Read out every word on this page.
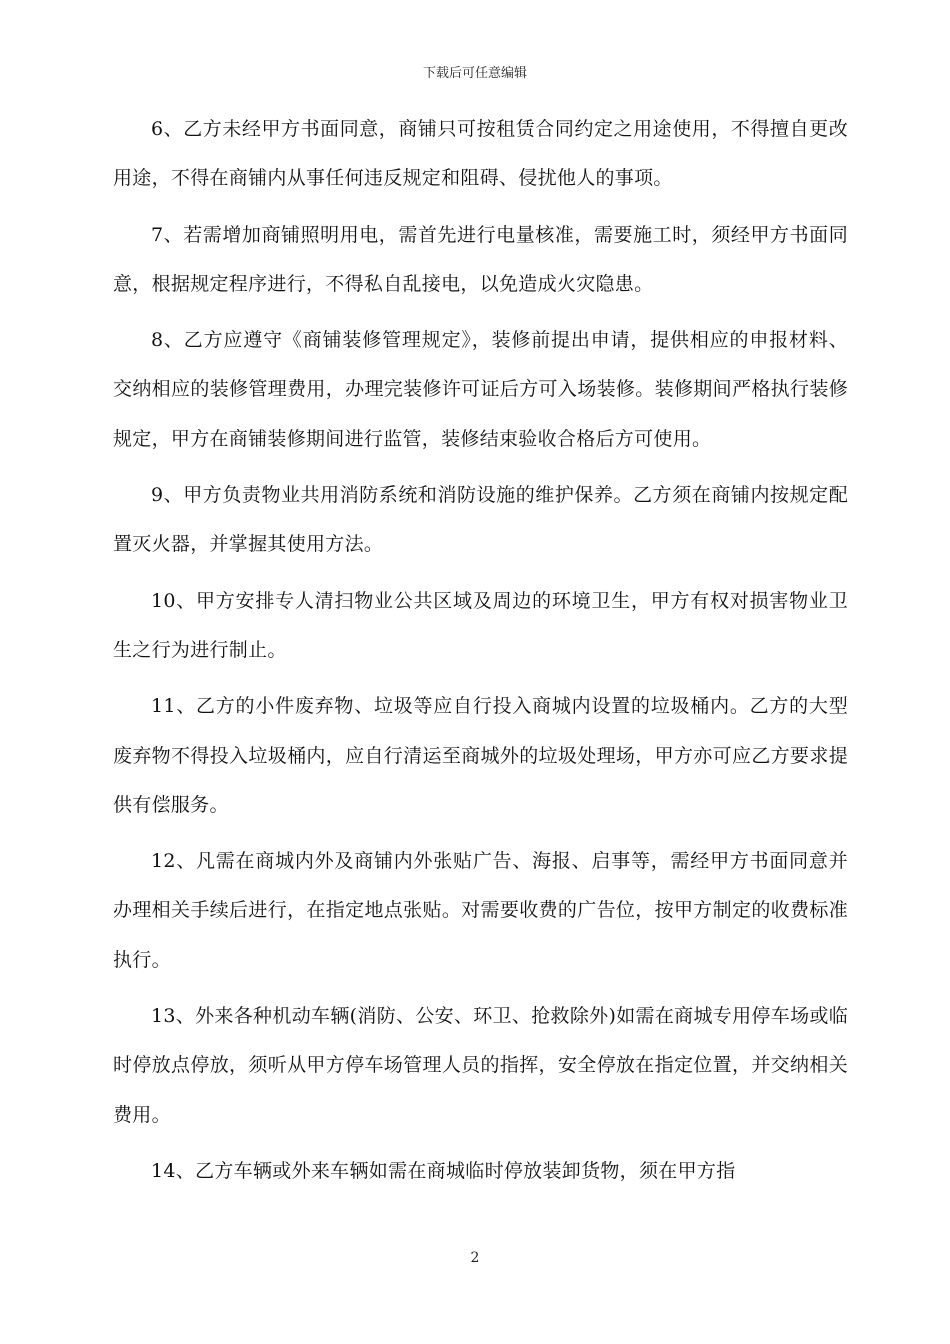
下载后可任意编辑

6、乙方未经甲方书面同意，商铺只可按租赁合同约定之用途使用，不得擅自更改用途，不得在商铺内从事任何违反规定和阻碍、侵扰他人的事项。

7、若需增加商铺照明用电，需首先进行电量核准，需要施工时，须经甲方书面同意，根据规定程序进行，不得私自乱接电，以免造成火灾隐患。

8、乙方应遵守《商铺装修管理规定》，装修前提出申请，提供相应的申报材料、交纳相应的装修管理费用，办理完装修许可证后方可入场装修。装修期间严格执行装修规定，甲方在商铺装修期间进行监管，装修结束验收合格后方可使用。

9、甲方负责物业共用消防系统和消防设施的维护保养。乙方须在商铺内按规定配置灭火器，并掌握其使用方法。

10、甲方安排专人清扫物业公共区域及周边的环境卫生，甲方有权对损害物业卫生之行为进行制止。

11、乙方的小件废弃物、垃圾等应自行投入商城内设置的垃圾桶内。乙方的大型废弃物不得投入垃圾桶内，应自行清运至商城外的垃圾处理场，甲方亦可应乙方要求提供有偿服务。

12、凡需在商城内外及商铺内外张贴广告、海报、启事等，需经甲方书面同意并办理相关手续后进行，在指定地点张贴。对需要收费的广告位，按甲方制定的收费标准执行。

13、外来各种机动车辆(消防、公安、环卫、抢救除外)如需在商城专用停车场或临时停放点停放，须听从甲方停车场管理人员的指挥，安全停放在指定位置，并交纳相关费用。

14、乙方车辆或外来车辆如需在商城临时停放装卸货物，须在甲方指

2
